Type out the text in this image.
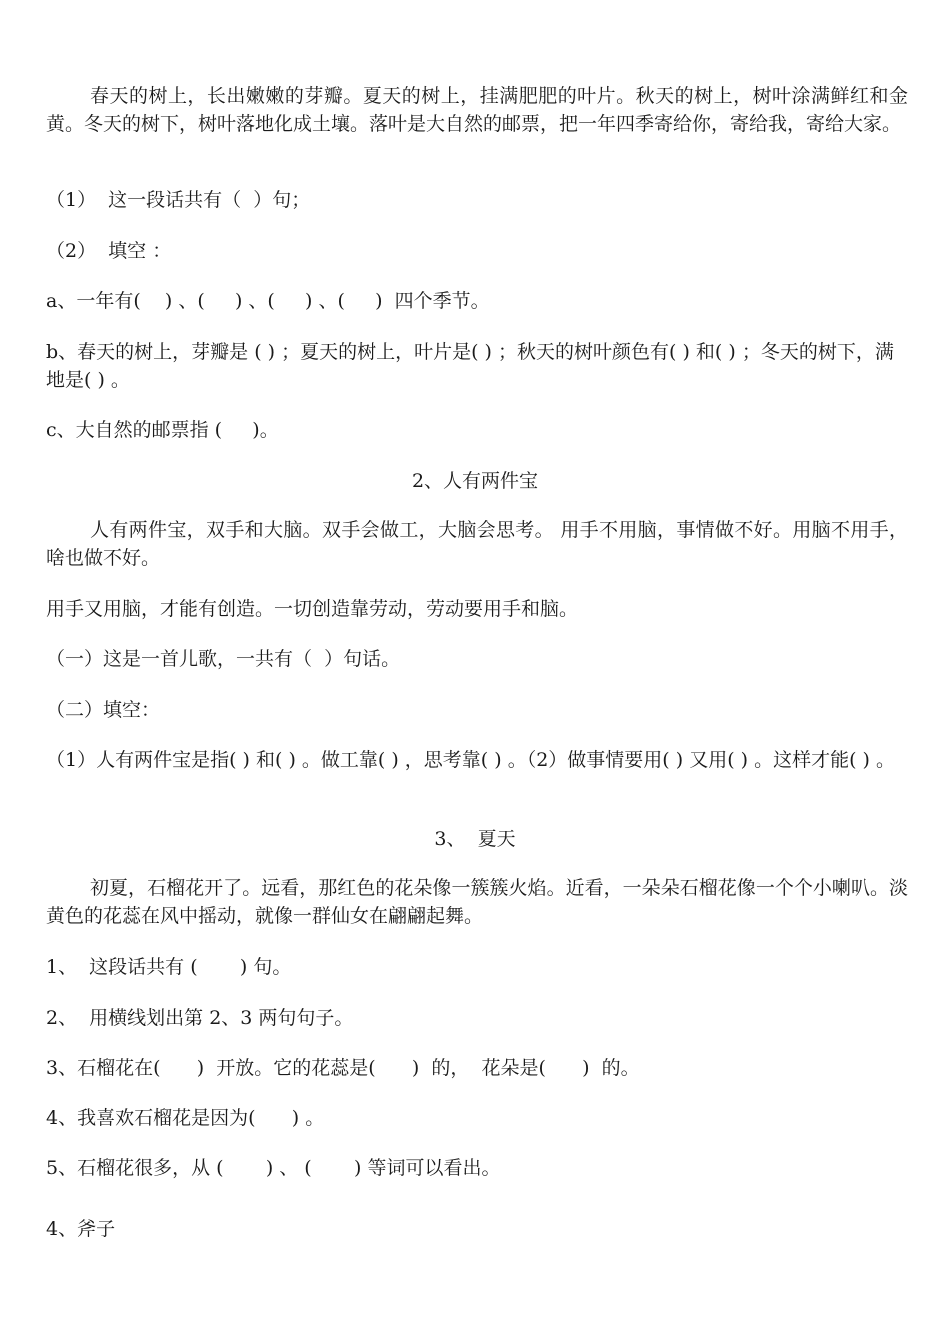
春天的树上，长出嫩嫩的芽瓣。夏天的树上，挂满肥肥的叶片。秋天的树上，树叶涂满鲜红和金黄。冬天的树下，树叶落地化成土壤。落叶是大自然的邮票，把一年四季寄给你，寄给我，寄给大家。
（1）  这一段话共有（  ）句；
（2）  填空 ：
a、一年有(    ) 、(     ) 、(     ) 、(     )  四个季节。
b、春天的树上，芽瓣是 ( ) ；夏天的树上，叶片是( ) ；秋天的树叶颜色有( ) 和( ) ；冬天的树下，满地是( ) 。
c、大自然的邮票指 (     )。
2、人有两件宝
人有两件宝，双手和大脑。双手会做工，大脑会思考。 用手不用脑，事情做不好。用脑不用手，啥也做不好。
用手又用脑，才能有创造。一切创造靠劳动，劳动要用手和脑。
（一）这是一首儿歌，一共有（  ）句话。
（二）填空：
（1）人有两件宝是指( ) 和( ) 。做工靠( ) ，思考靠( ) 。（2）做事情要用( ) 又用( ) 。这样才能( ) 。
3、  夏天
初夏，石榴花开了。远看，那红色的花朵像一簇簇火焰。近看，一朵朵石榴花像一个个小喇叭。淡黄色的花蕊在风中摇动，就像一群仙女在翩翩起舞。
1、  这段话共有 (       ) 句。
2、  用横线划出第 2、3 两句句子。
3、石榴花在(      )  开放。它的花蕊是(      )  的，  花朵是(      )  的。
4、我喜欢石榴花是因为(      ) 。
5、石榴花很多，从 (       ) 、 (       ) 等词可以看出。
4、斧子
